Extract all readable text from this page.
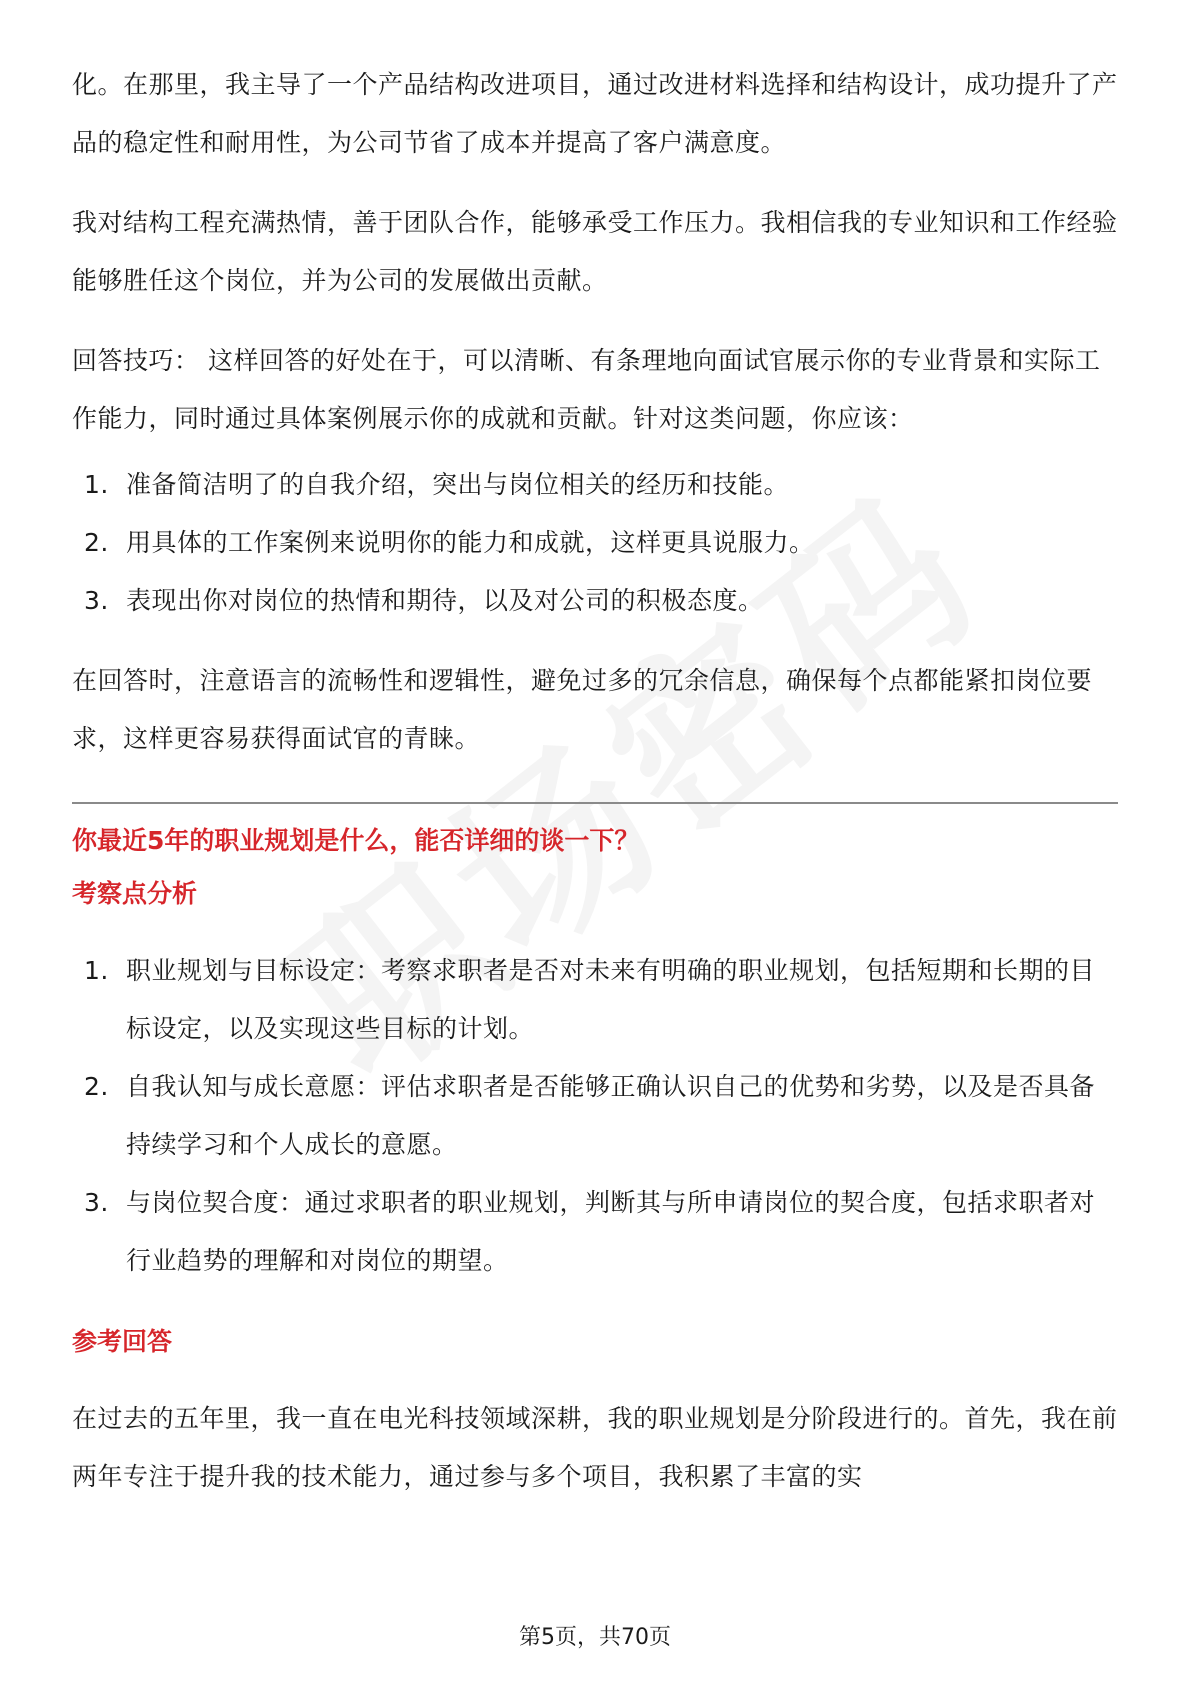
化。在那里，我主导了一个产品结构改进项目，通过改进材料选择和结构设计，成功提升了产品的稳定性和耐用性，为公司节省了成本并提高了客户满意度。

我对结构工程充满热情，善于团队合作，能够承受工作压力。我相信我的专业知识和工作经验能够胜任这个岗位，并为公司的发展做出贡献。

回答技巧： 这样回答的好处在于，可以清晰、有条理地向面试官展示你的专业背景和实际工作能力，同时通过具体案例展示你的成就和贡献。针对这类问题，你应该：

1. 准备简洁明了的自我介绍，突出与岗位相关的经历和技能。
2. 用具体的工作案例来说明你的能力和成就，这样更具说服力。
3. 表现出你对岗位的热情和期待，以及对公司的积极态度。

在回答时，注意语言的流畅性和逻辑性，避免过多的冗余信息，确保每个点都能紧扣岗位要求，这样更容易获得面试官的青睐。

你最近5年的职业规划是什么，能否详细的谈一下？
考察点分析
1. 职业规划与目标设定：考察求职者是否对未来有明确的职业规划，包括短期和长期的目标设定，以及实现这些目标的计划。
2. 自我认知与成长意愿：评估求职者是否能够正确认识自己的优势和劣势，以及是否具备持续学习和个人成长的意愿。
3. 与岗位契合度：通过求职者的职业规划，判断其与所申请岗位的契合度，包括求职者对行业趋势的理解和对岗位的期望。
参考回答

在过去的五年里，我一直在电光科技领域深耕，我的职业规划是分阶段进行的。首先，我在前两年专注于提升我的技术能力，通过参与多个项目，我积累了丰富的实

第5页，共70页
